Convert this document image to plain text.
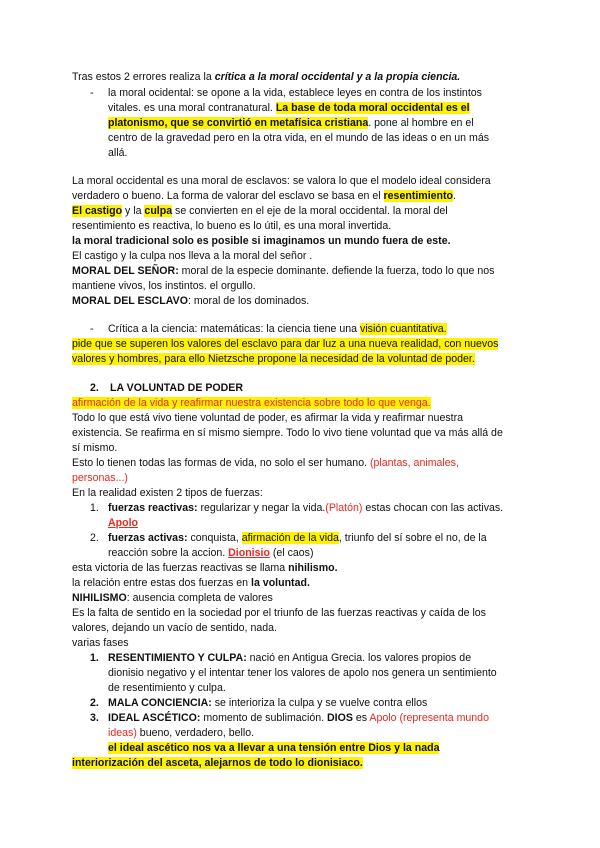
Tras estos 2 errores realiza la crítica a la moral occidental y a la propia ciencia.
- la moral ocidental: se opone a la vida, establece leyes en contra de los instintos
vitales. es una moral contranatural. La base de toda moral occidental es el
platonismo, que se convirtió en metafísica cristiana. pone al hombre en el
centro de la gravedad pero en la otra vida, en el mundo de las ideas o en un más
allá.
La moral occidental es una moral de esclavos: se valora lo que el modelo ideal considera
verdadero o bueno. La forma de valorar del esclavo se basa en el resentimiento.
El castigo y la culpa se convierten en el eje de la moral occidental. la moral del
resentimiento es reactiva, lo bueno es lo útil, es una moral invertida.
la moral tradicional solo es posible si imaginamos un mundo fuera de este.
El castigo y la culpa nos lleva a la moral del señor .
MORAL DEL SEÑOR: moral de la especie dominante. defiende la fuerza, todo lo que nos
mantiene vivos, los instintos. el orgullo.
MORAL DEL ESCLAVO: moral de los dominados.
- Crítica a la ciencia: matemáticas: la ciencia tiene una visión cuantitativa.
pide que se superen los valores del esclavo para dar luz a una nueva realidad, con nuevos
valores y hombres, para ello Nietzsche propone la necesidad de la voluntad de poder.
2. LA VOLUNTAD DE PODER
afirmación de la vida y reafirmar nuestra existencia sobre todo lo que venga.
Todo lo que está vivo tiene voluntad de poder, es afirmar la vida y reafirmar nuestra
existencia. Se reafirma en sí mismo siempre. Todo lo vivo tiene voluntad que va más allá de
sí mismo.
Esto lo tienen todas las formas de vida, no solo el ser humano. (plantas, animales,
personas...)
En la realidad existen 2 tipos de fuerzas:
1. fuerzas reactivas: regularizar y negar la vida.(Platón) estas chocan con las activas.
Apolo
2. fuerzas activas: conquista, afirmación de la vida, triunfo del sí sobre el no, de la
reacción sobre la accion. Dionisio (el caos)
esta victoria de las fuerzas reactivas se llama nihilismo.
la relación entre estas dos fuerzas en la voluntad.
NIHILISMO: ausencia completa de valores
Es la falta de sentido en la sociedad por el triunfo de las fuerzas reactivas y caída de los
valores, dejando un vacío de sentido, nada.
varias fases
1. RESENTIMIENTO Y CULPA: nació en Antigua Grecia. los valores propios de
dionisio negativo y el intentar tener los valores de apolo nos genera un sentimiento
de resentimiento y culpa.
2. MALA CONCIENCIA: se interioriza la culpa y se vuelve contra ellos
3. IDEAL ASCÉTICO: momento de sublimación. DIOS es Apolo (representa mundo
ideas) bueno, verdadero, bello.
el ideal ascético nos va a llevar a una tensión entre Dios y la nada
interiorización del asceta, alejarnos de todo lo dionisiaco.
